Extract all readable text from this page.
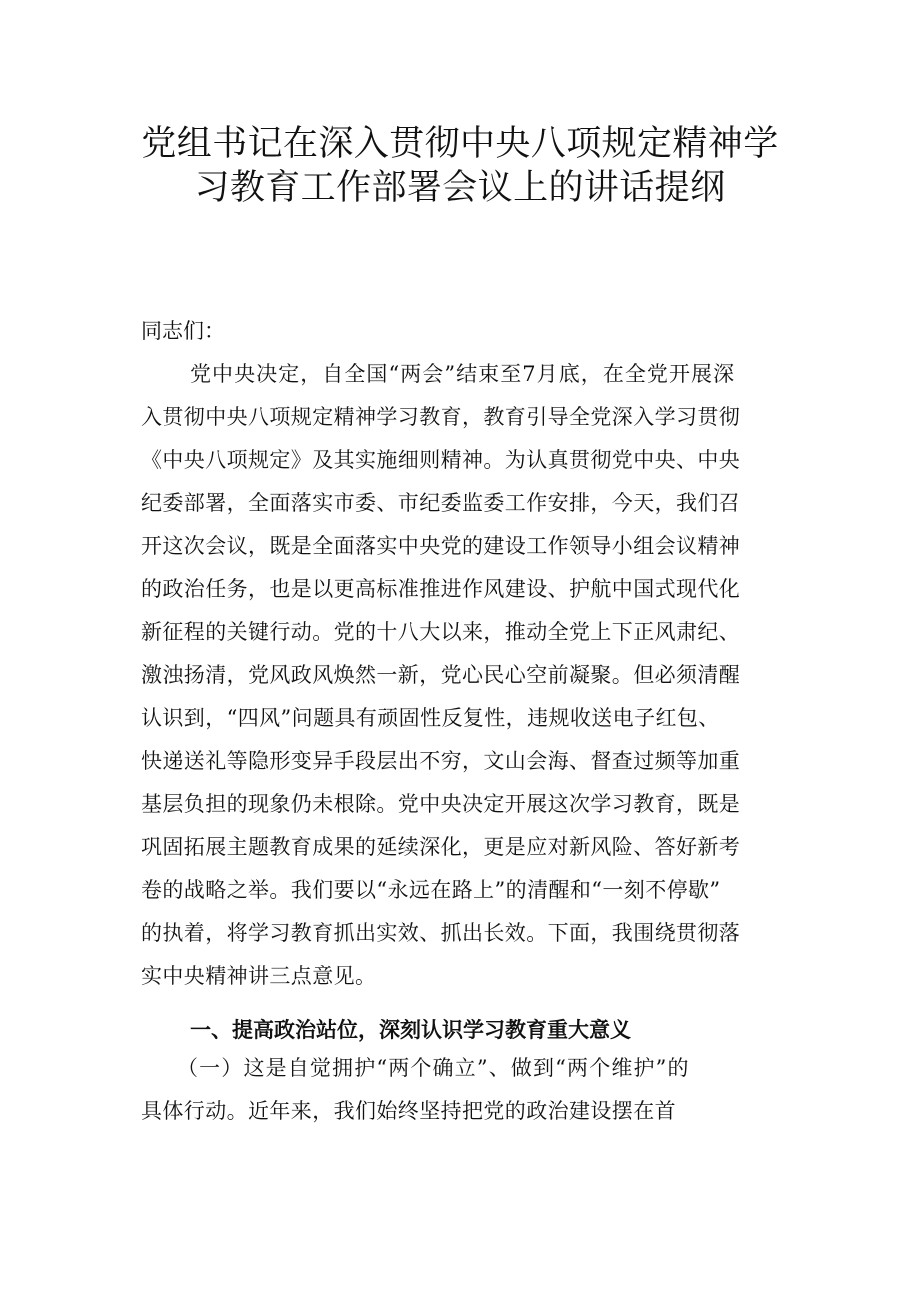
党组书记在深入贯彻中央八项规定精神学
习教育工作部署会议上的讲话提纲
同志们：
党中央决定，自全国“两会”结束至7月底，在全党开展深
入贯彻中央八项规定精神学习教育，教育引导全党深入学习贯彻
《中央八项规定》及其实施细则精神。为认真贯彻党中央、中央
纪委部署，全面落实市委、市纪委监委工作安排，今天，我们召
开这次会议，既是全面落实中央党的建设工作领导小组会议精神
的政治任务，也是以更高标准推进作风建设、护航中国式现代化
新征程的关键行动。党的十八大以来，推动全党上下正风肃纪、
激浊扬清，党风政风焕然一新，党心民心空前凝聚。但必须清醒
认识到，“四风”问题具有顽固性反复性，违规收送电子红包、
快递送礼等隐形变异手段层出不穷，文山会海、督查过频等加重
基层负担的现象仍未根除。党中央决定开展这次学习教育，既是
巩固拓展主题教育成果的延续深化，更是应对新风险、答好新考
卷的战略之举。我们要以“永远在路上”的清醒和“一刻不停歇”
的执着，将学习教育抓出实效、抓出长效。下面，我围绕贯彻落
实中央精神讲三点意见。
一、提高政治站位，深刻认识学习教育重大意义
（一）这是自觉拥护“两个确立”、做到“两个维护”的
具体行动。近年来，我们始终坚持把党的政治建设摆在首
